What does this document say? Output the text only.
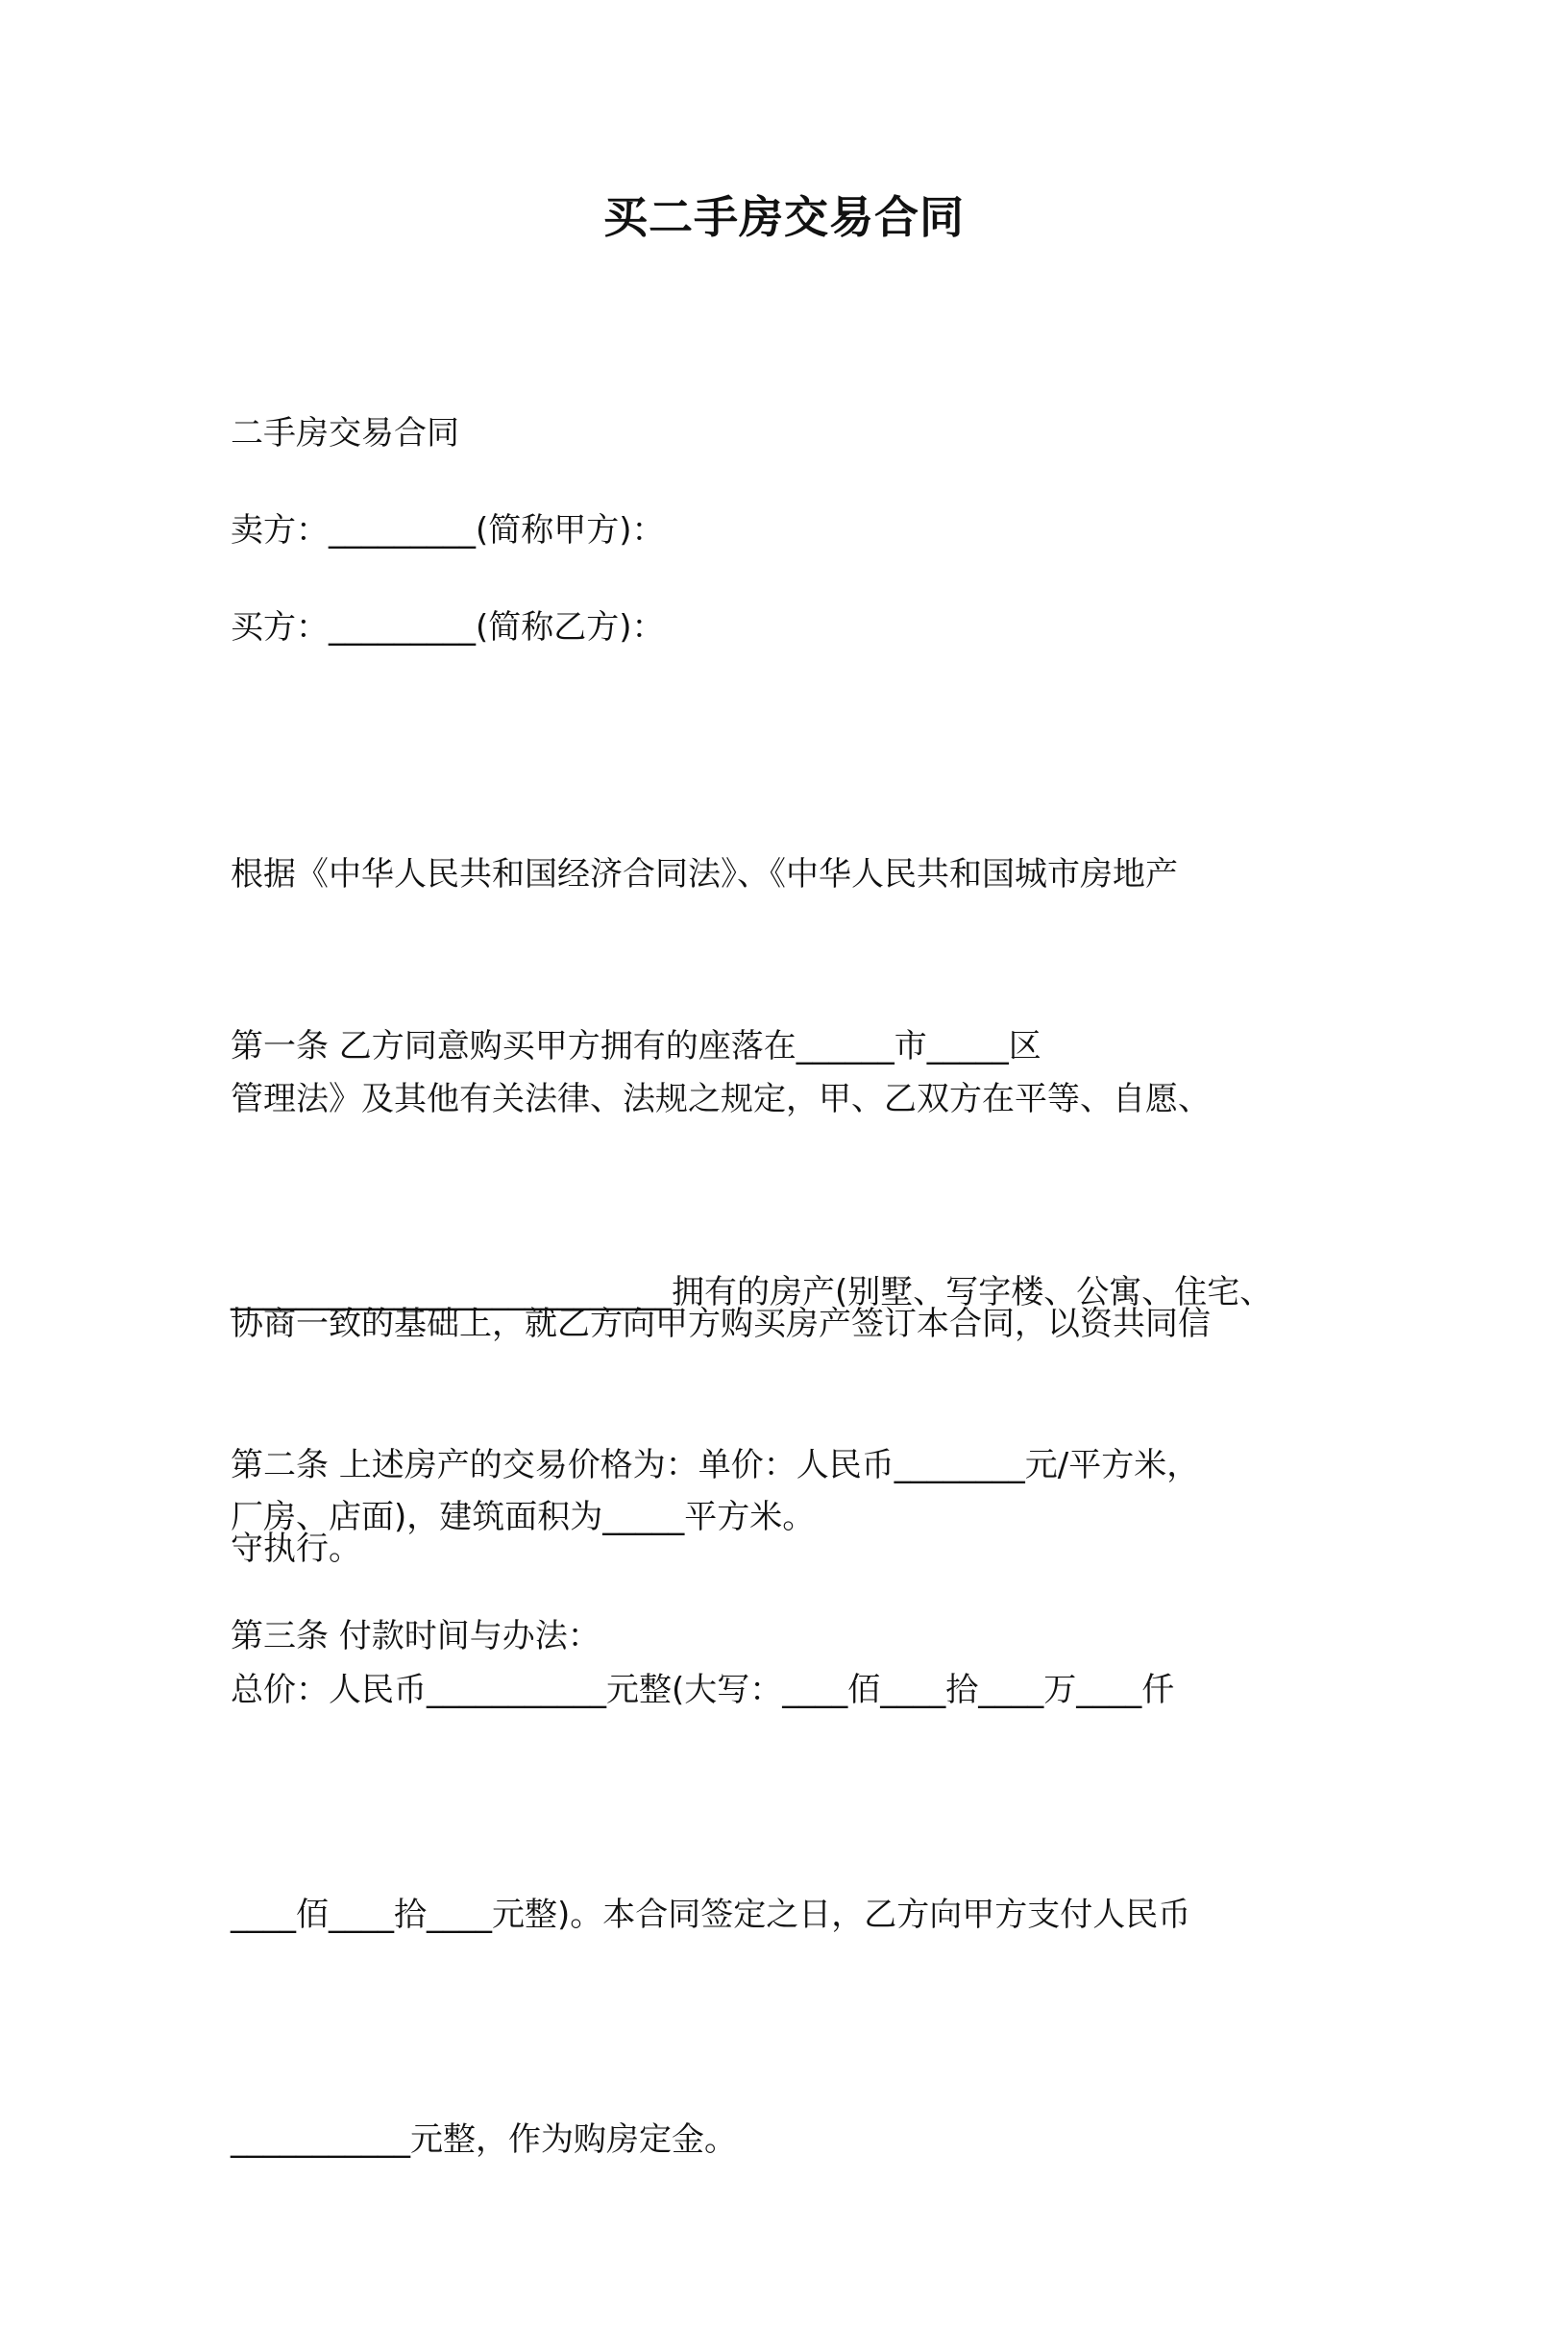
买二手房交易合同

二手房交易合同

卖方：_________(简称甲方)：

买方：_________(简称乙方)：

根据《中华人民共和国经济合同法》、《中华人民共和国城市房地产

管理法》及其他有关法律、法规之规定，甲、乙双方在平等、自愿、

协商一致的基础上，就乙方向甲方购买房产签订本合同，以资共同信

守执行。

第一条 乙方同意购买甲方拥有的座落在______市_____区

___________________________拥有的房产(别墅、写字楼、公寓、住宅、

厂房、店面)，建筑面积为_____平方米。

第二条 上述房产的交易价格为：单价：人民币________元/平方米，

总价：人民币___________元整(大写：____佰____拾____万____仟

____佰____拾____元整)。本合同签定之日，乙方向甲方支付人民币

___________元整，作为购房定金。

第三条 付款时间与办法：
